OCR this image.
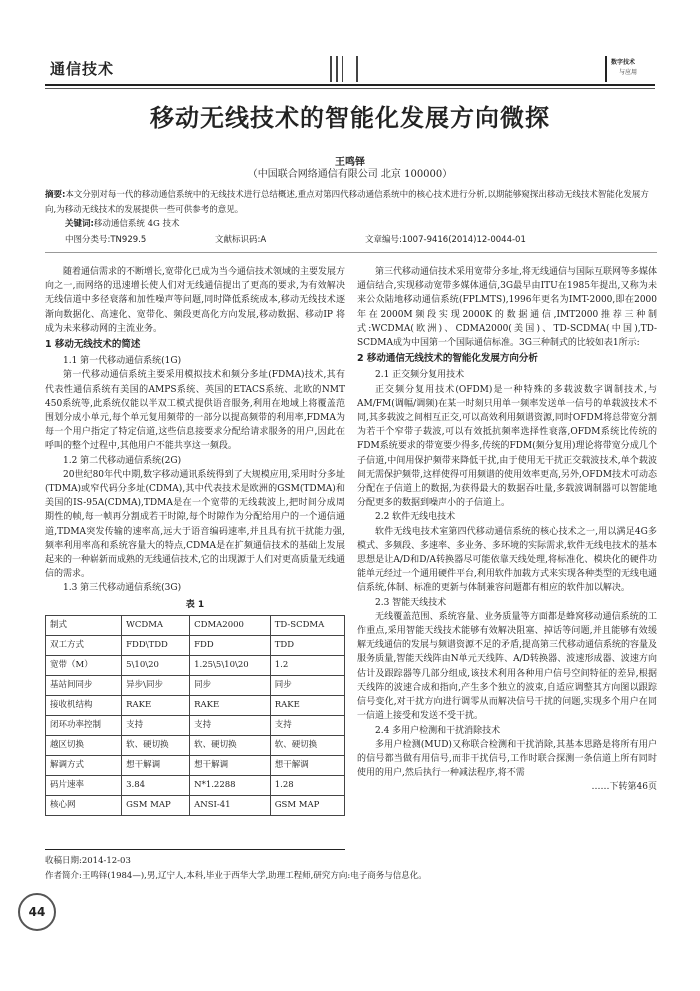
通信技术	数字技术
与应用
移动无线技术的智能化发展方向微探
王鸣铎
（中国联合网络通信有限公司 北京 100000）
摘要:本文分别对每一代的移动通信系统中的无线技术进行总结概述,重点对第四代移动通信系统中的核心技术进行分析,以期能够窥探出移动无线技术智能化发展方向,为移动无线技术的发展提供一些可供参考的意见。
关键词:移动通信系统 4G 技术
中图分类号:TN929.5	文献标识码:A	文章编号:1007-9416(2014)12-0044-01

随着通信需求的不断增长,宽带化已成为当今通信技术领域的主要发展方向之一,而网络的迅速增长使人们对无线通信提出了更高的要求,为有效解决无线信道中多径衰落和加性噪声等问题,同时降低系统成本,移动无线技术逐渐向数据化、高速化、宽带化、频段更高化方向发展,移动数据、移动IP 将成为未来移动网的主流业务。

1 移动无线技术的简述

1.1 第一代移动通信系统(1G)

第一代移动通信系统主要采用模拟技术和频分多址(FDMA)技术,其有代表性通信系统有美国的AMPS系统、英国的ETACS系统、北欧的NMT 450系统等,此系统仅能以半双工模式提供语音服务,利用在地域上将覆盖范围划分成小单元,每个单元复用频带的一部分以提高频带的利用率,FDMA为每一个用户指定了特定信道,这些信息接要求分配给请求服务的用户,因此在呼叫的整个过程中,其他用户不能共享这一频段。

1.2 第二代移动通信系统(2G)

20世纪80年代中期,数字移动通讯系统得到了大规模应用,采用时分多址(TDMA)或窄代码分多址(CDMA),其中代表技术是欧洲的GSM(TDMA)和美国的IS-95A(CDMA),TDMA是在一个宽带的无线载波上,把时间分成周期性的帧,每一帧再分割成若干时隙,每个时隙作为分配给用户的一个通信通道,TDMA突发传输的速率高,远大于语音编码速率,并且具有抗干扰能力强,频率利用率高和系统容量大的特点,CDMA是在扩频通信技术的基础上发展起来的一种崭新而成熟的无线通信技术,它的出现源于人们对更高质量无线通信的需求。

1.3 第三代移动通信系统(3G)

表 1
制式	WCDMA	CDMA2000	TD-SCDMA
双工方式	FDD\TDD	FDD	TDD
宽带（M）	5\10\20	1.25\5\10\20	1.2
基站间同步	异步\同步	同步	同步
接收机结构	RAKE	RAKE	RAKE
闭环功率控制	支持	支持	支持
越区切换	软、硬切换	软、硬切换	软、硬切换
解调方式	想干解调	想干解调	想干解调
码片速率	3.84	N*1.2288	1.28
核心网	GSM MAP	ANSI-41	GSM MAP

第三代移动通信技术采用宽带分多址,将无线通信与国际互联网等多媒体通信结合,实现移动宽带多媒体通信,3G最早由ITU在1985年提出,又称为未来公众陆地移动通信系统(FPLMTS),1996年更名为IMT-2000,即在2000年在2000M频段实现2000K的数据通信,IMT2000推荐三种制式:WCDMA(欧洲)、CDMA2000(美国)、TD-SCDMA(中国),TD-SCDMA成为中国第一个国际通信标准。3G三种制式的比较如表1所示:

2 移动通信无线技术的智能化发展方向分析

2.1 正交频分复用技术

正交频分复用技术(OFDM)是一种特殊的多载波数字调制技术,与AM/FM(调幅/调频)在某一时刻只用单一频率发送单一信号的单载波技术不同,其多载波之间相互正交,可以高效利用频谱资源,同时OFDM将总带宽分割为若干个窄带子载波,可以有效抵抗频率选择性衰落,OFDM系统比传统的FDM系统要求的带宽要少得多,传统的FDM(频分复用)理论将带宽分成几个子信道,中间用保护频带来降低干扰,由于使用无干扰正交载波技术,单个载波间无需保护频带,这样使得可用频谱的使用效率更高,另外,OFDM技术可动态分配在子信道上的数据,为获得最大的数据吞吐量,多载波调制器可以智能地分配更多的数据到噪声小的子信道上。

2.2 软件无线电技术

软件无线电技术室第四代移动通信系统的核心技术之一,用以满足4G多模式、多频段、多速率、多业务、多环境的实际需求,软件无线电技术的基本思想是让A/D和D/A转换器尽可能依靠天线处理,将标准化、模块化的硬件功能单元经过一个通用硬件平台,利用软件加载方式来实现各种类型的无线电通信系统,体制、标准的更新与体制兼容问题都有相应的软件加以解决。

2.3 智能天线技术

无线覆盖范围、系统容量、业务质量等方面都是蜂窝移动通信系统的工作重点,采用智能天线技术能够有效解决阻塞、掉话等问题,并且能够有效缓解无线通信的发展与频谱资源不足的矛盾,提高第三代移动通信系统的容量及服务质量,智能天线阵由N单元天线阵、A/D转换器、波速形成器、波速方向估计及跟踪器等几部分组成,该技术利用各种用户信号空间特征的差异,根据天线阵的波速合成和指向,产生多个独立的波束,自适应调整其方向图以跟踪信号变化,对干扰方向进行调零从而解决信号干扰的问题,实现多个用户在同一信道上接受和发送不受干扰。

2.4 多用户检测和干扰消除技术

多用户检测(MUD)又称联合检测和干扰消除,其基本思路是将所有用户的信号都当做有用信号,而非干扰信号,工作时联合探测一条信道上所有同时使用的用户,然后执行一种减法程序,将不需

……下转第46页
收稿日期:2014-12-03
作者简介:王鸣铎(1984—),男,辽宁人,本科,毕业于西华大学,助理工程师,研究方向:电子商务与信息化。
44
